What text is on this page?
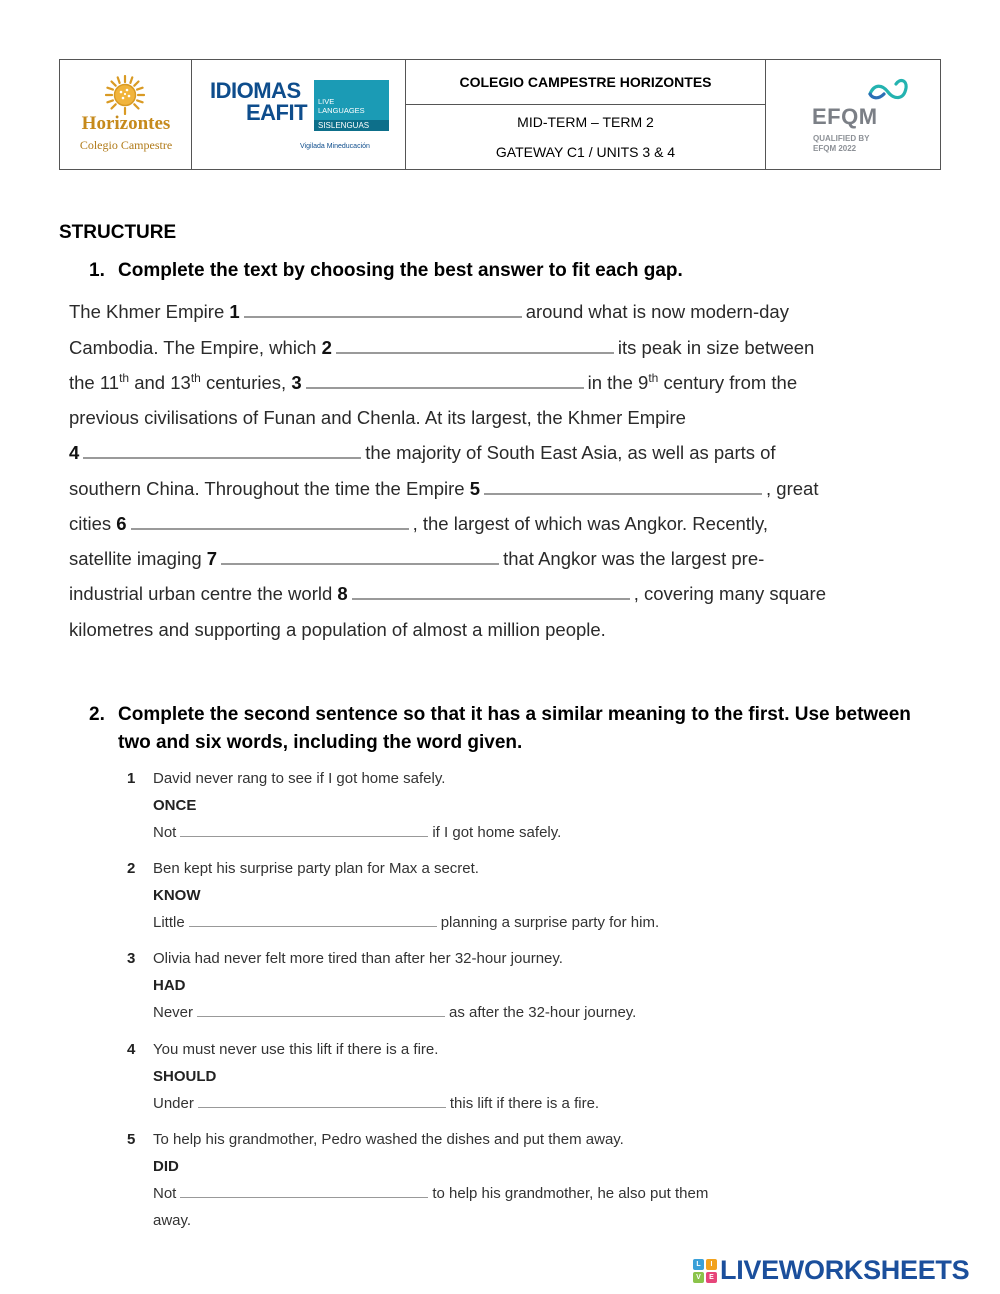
Horizontes
Colegio Campestre
IDIOMAS
EAFIT LIVE
LANGUAGES
SISLENGUAS
Vigilada Mineducación
COLEGIO CAMPESTRE HORIZONTES
MID-TERM – TERM 2
GATEWAY C1 / UNITS 3 & 4
EFQM
QUALIFIED BY
EFQM 2022
STRUCTURE
1. Complete the text by choosing the best answer to fit each gap.
The Khmer Empire 1	around what is now modern-day
Cambodia. The Empire, which 2	its peak in size between
the 11th and 13th centuries, 3	in the 9th century from the
previous civilisations of Funan and Chenla. At its largest, the Khmer Empire
4	the majority of South East Asia, as well as parts of
southern China. Throughout the time the Empire 5	, great
cities 6	, the largest of which was Angkor. Recently,
satellite imaging 7	that Angkor was the largest pre-
industrial urban centre the world 8	, covering many square
kilometres and supporting a population of almost a million people.
2. Complete the second sentence so that it has a similar meaning to the first. Use between two and six words, including the word given.
1 David never rang to see if I got home safely.
ONCE
Not	if I got home safely.
2 Ben kept his surprise party plan for Max a secret.
KNOW
Little	planning a surprise party for him.
3 Olivia had never felt more tired than after her 32-hour journey.
HAD
Never	as after the 32-hour journey.
4 You must never use this lift if there is a fire.
SHOULD
Under	this lift if there is a fire.
5 To help his grandmother, Pedro washed the dishes and put them away.
DID
Not	to help his grandmother, he also put them
away.
L	I
V	E LIVEWORKSHEETS
